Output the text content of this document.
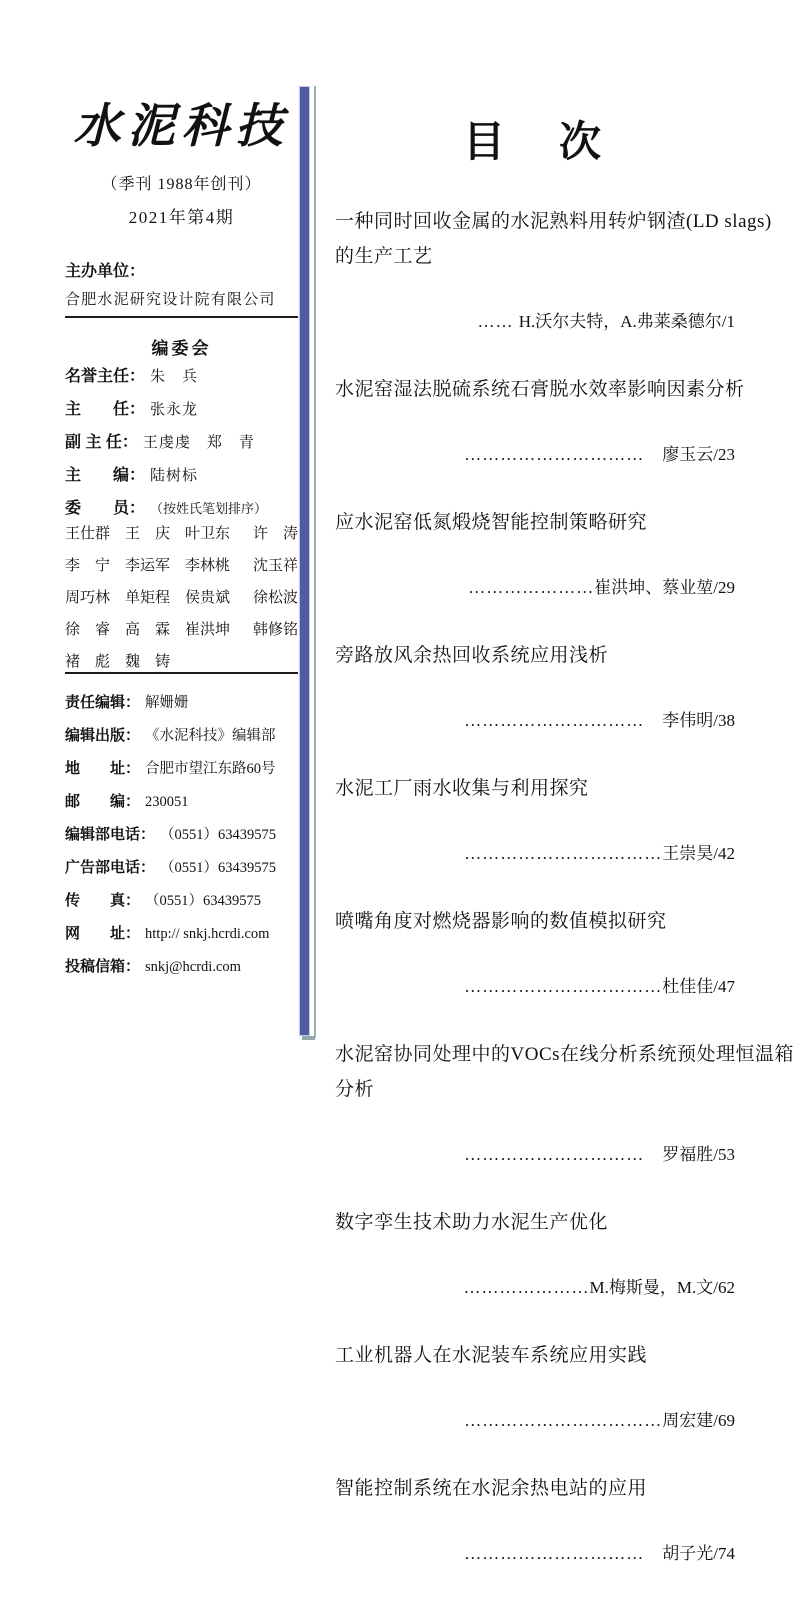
水泥科技
（季刊 1988年创刊）
2021年第4期
主办单位：
合肥水泥研究设计院有限公司
编委会
名誉主任： 朱　兵
主　　任： 张永龙
副 主 任： 王虔虔　郑　青
主　　编： 陆树标
委　　员： （按姓氏笔划排序）
王仕群 王　庆 叶卫东	许　涛
李　宁 李运军 李林桃	沈玉祥
周巧林 单矩程 侯贵斌	徐松波
徐　睿 高　霖 崔洪坤	韩修铭
褚　彪 魏　铸
责任编辑： 解姗姗
编辑出版： 《水泥科技》编辑部
地　　址： 合肥市望江东路60号
邮　　编： 230051
编辑部电话： （0551）63439575
广告部电话： （0551）63439575
传　　真： （0551）63439575
网　　址： http:// snkj.hcrdi.com
投稿信箱： snkj@hcrdi.com
目　次
一种同时回收金属的水泥熟料用转炉钢渣(LD slags)
的生产工艺

…… H.沃尔夫特，A.弗莱桑德尔/1

水泥窑湿法脱硫系统石膏脱水效率影响因素分析

…………………………　廖玉云/23

应水泥窑低氮煅烧智能控制策略研究

…………………崔洪坤、蔡业堃/29

旁路放风余热回收系统应用浅析

…………………………　李伟明/38

水泥工厂雨水收集与利用探究

……………………………王崇昊/42

喷嘴角度对燃烧器影响的数值模拟研究

……………………………杜佳佳/47

水泥窑协同处理中的VOCs在线分析系统预处理恒温箱
分析

…………………………　罗福胜/53

数字孪生技术助力水泥生产优化

…………………M.梅斯曼，M.文/62

工业机器人在水泥装车系统应用实践

……………………………周宏建/69

智能控制系统在水泥余热电站的应用

…………………………　胡子光/74
